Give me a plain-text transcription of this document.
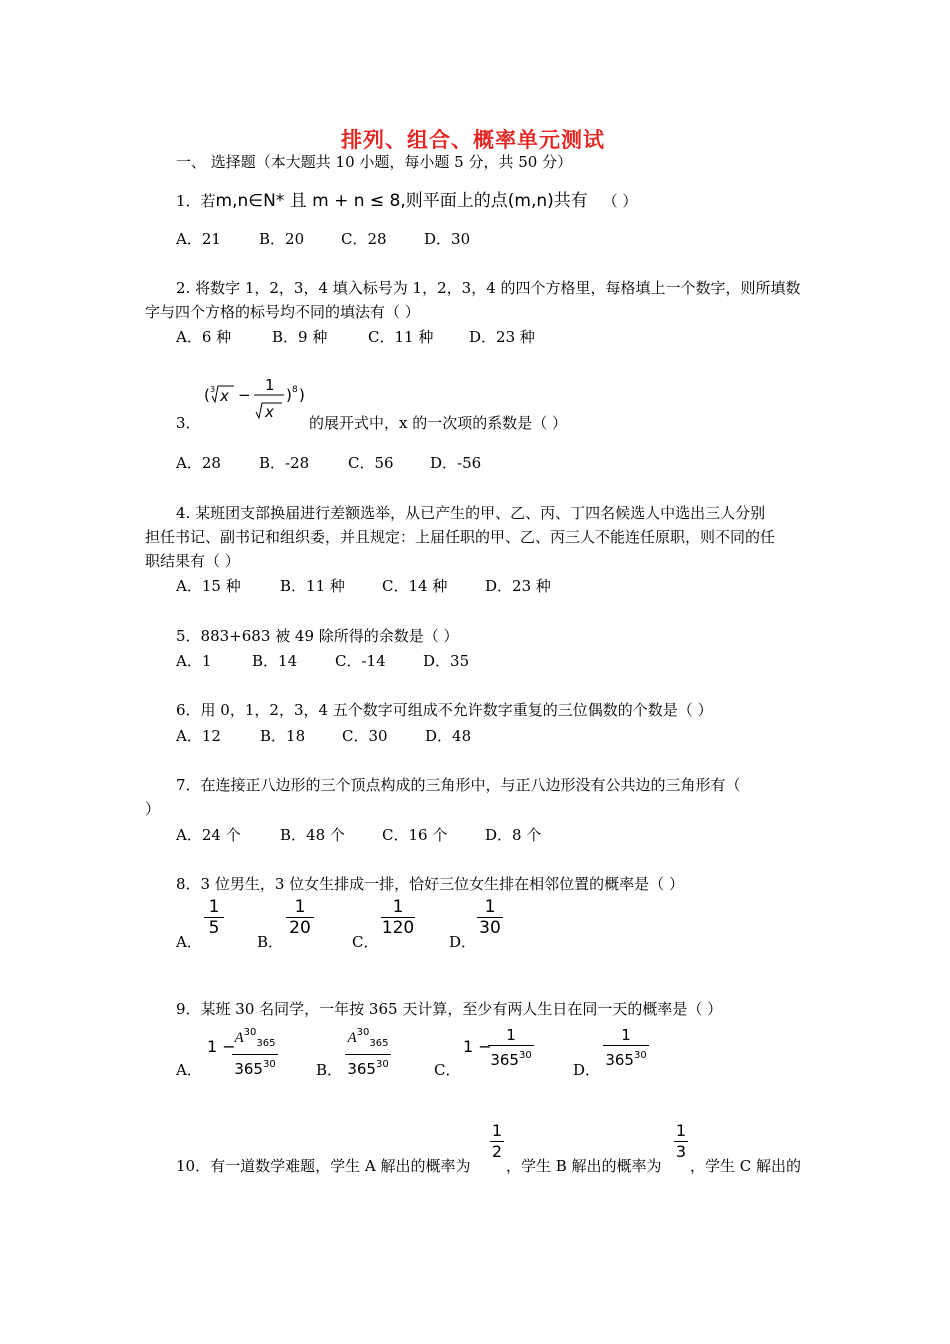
排列、组合、概率单元测试
一、 选择题（本大题共 10 小题，每小题 5 分，共 50 分）
1．若m,n∈N* 且 m + n ≤ 8,则平面上的点(m,n)共有 （ ）
A．21	B．20 C．28 D．30
2. 将数字 1，2，3，4 填入标号为 1，2，3，4 的四个方格里，每格填上一个数字，则所填数
字与四个方格的标号均不同的填法有（ ）
A．6 种	B．9 种	C．11 种 D．23 种
( 3 x −
1
x
) 8 )
3．	的展开式中，x 的一次项的系数是（ ）
A．28	B．-28	C．56 D．-56
4. 某班团支部换届进行差额选举，从已产生的甲、乙、丙、丁四名候选人中选出三人分别
担任书记、副书记和组织委，并且规定：上届任职的甲、乙、丙三人不能连任原职，则不同的任
职结果有（ ）
A．15 种	B．11 种 C．14 种	D．23 种
5．883+683 被 49 除所得的余数是（ ）
A．1	B．14	C．-14 D．35
6．用 0，1，2，3，4 五个数字可组成不允许数字重复的三位偶数的个数是（ ）
A．12	B．18 C．30 D．48
7．在连接正八边形的三个顶点构成的三角形中，与正八边形没有公共边的三角形有（
）
A．24 个	B．48 个 C．16 个	D．8 个
8．3 位男生，3 位女生排成一排，恰好三位女生排在相邻位置的概率是（ ）
A．
$\frac{1}{5}$
B．
$\frac{1}{20}$
C．
$\frac{1}{120}$
D．
$\frac{1}{30}$
9．某班 30 名同学，一年按 365 天计算，至少有两人生日在同一天的概率是（ ）
A．
1 −
$\frac{A^{30}_{365}}{365^{30}}$	B． $\frac{A^{30}_{365}}{365^{30}}$	C．
1 −
$\frac{1}{365^{30}}$	D． $\frac{1}{365^{30}}$
10．有一道数学难题，学生 A 解出的概率为
$\frac{1}{2}$
，学生 B 解出的概率为
$\frac{1}{3}$
，学生 C 解出的
